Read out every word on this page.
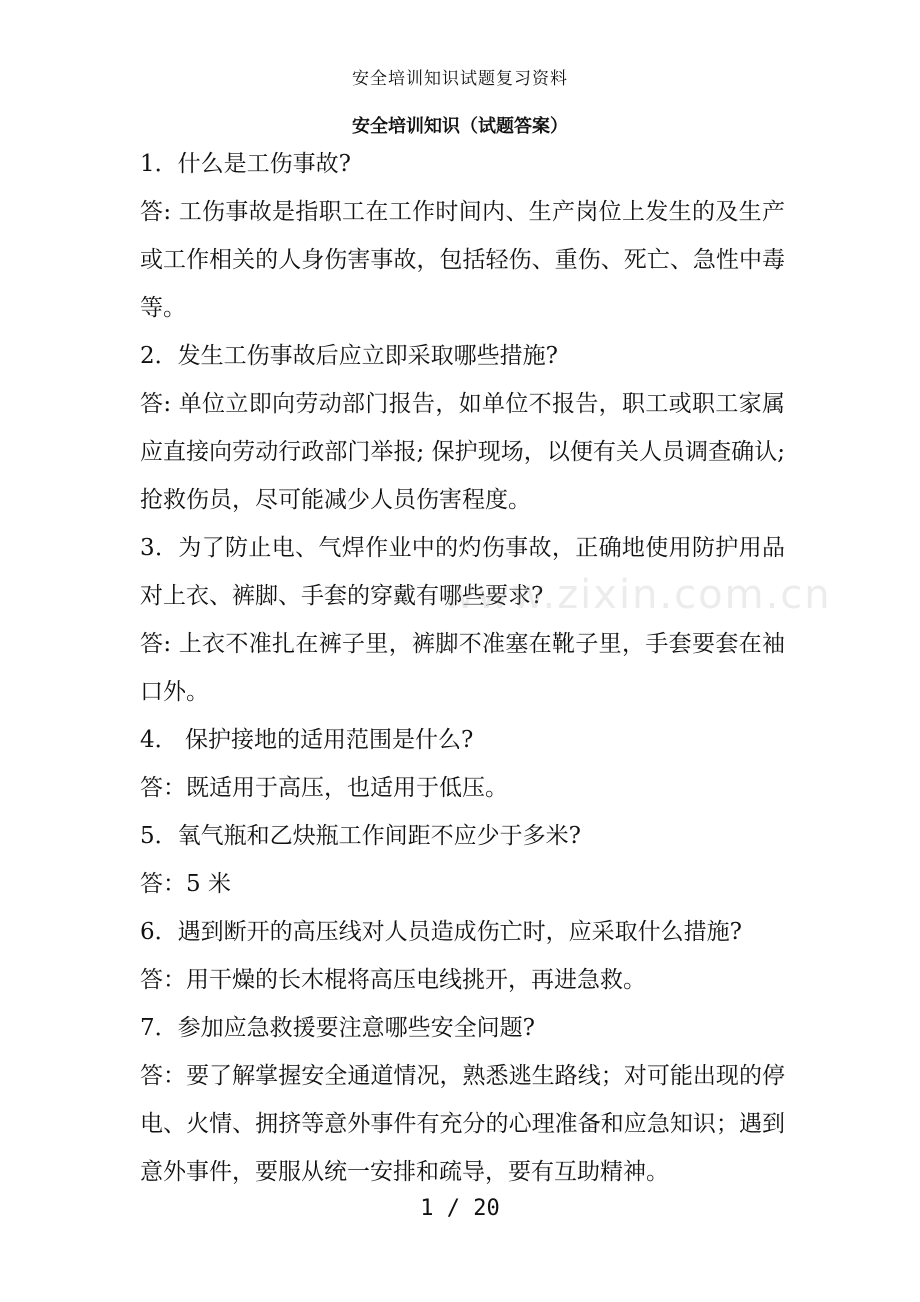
安全培训知识试题复习资料
安全培训知识（试题答案）

1．什么是工伤事故?

答: 工伤事故是指职工在工作时间内、生产岗位上发生的及生产或工作相关的人身伤害事故，包括轻伤、重伤、死亡、急性中毒等。

2．发生工伤事故后应立即采取哪些措施?

答: 单位立即向劳动部门报告，如单位不报告，职工或职工家属应直接向劳动行政部门举报; 保护现场，以便有关人员调查确认; 抢救伤员，尽可能减少人员伤害程度。

3．为了防止电、气焊作业中的灼伤事故，正确地使用防护用品对上衣、裤脚、手套的穿戴有哪些要求?

答: 上衣不准扎在裤子里，裤脚不准塞在靴子里，手套要套在袖口外。

4． 保护接地的适用范围是什么?

答：既适用于高压，也适用于低压。

5．氧气瓶和乙炔瓶工作间距不应少于多米?

答：5 米

6．遇到断开的高压线对人员造成伤亡时，应采取什么措施?

答：用干燥的长木棍将高压电线挑开，再进急救。

7．参加应急救援要注意哪些安全问题?

答：要了解掌握安全通道情况，熟悉逃生路线；对可能出现的停电、火情、拥挤等意外事件有充分的心理准备和应急知识；遇到意外事件，要服从统一安排和疏导，要有互助精神。

www.zixin.com.cn
1 / 20
